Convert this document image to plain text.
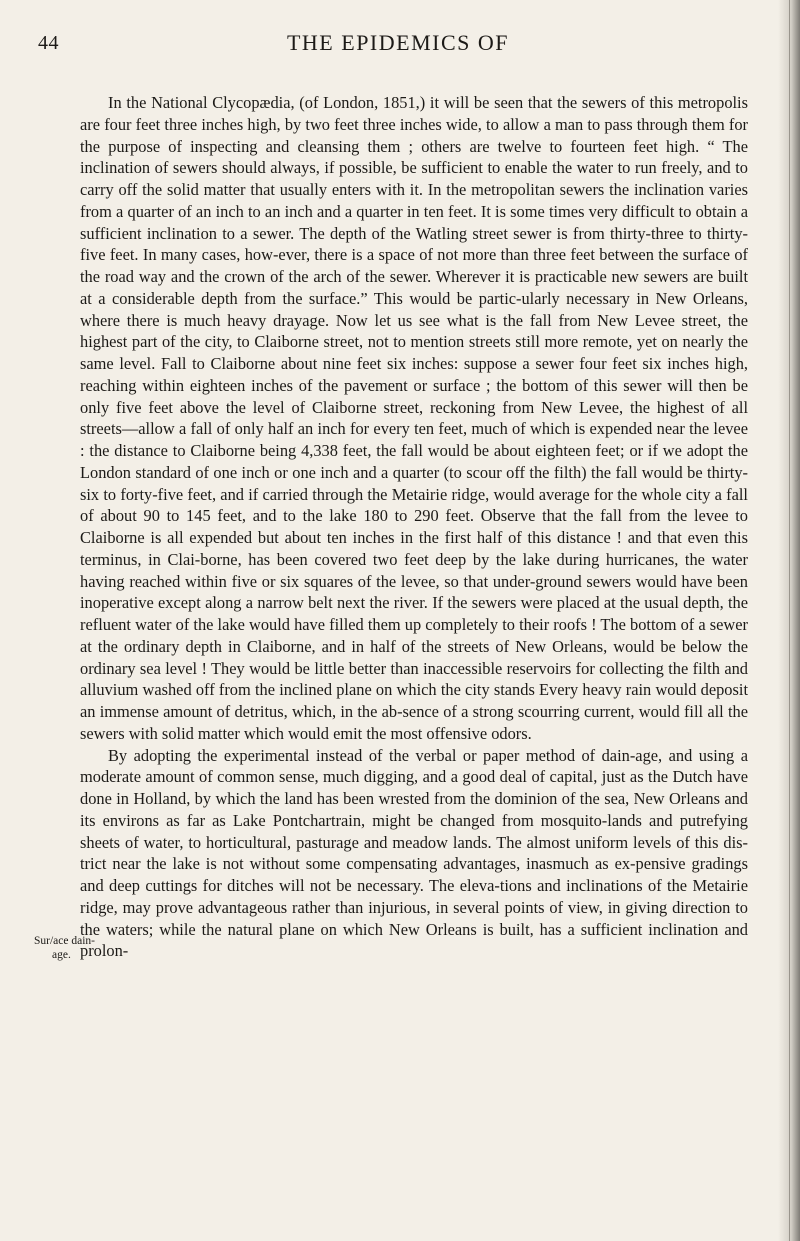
44	THE EPIDEMICS OF
Sur/ace dain-
age.

In the National Clycopædia, (of London, 1851,) it will be seen that the sewers of this metropolis are four feet three inches high, by two feet three inches wide, to allow a man to pass through them for the purpose of inspecting and cleansing them ; others are twelve to fourteen feet high. “ The inclination of sewers should always, if possible, be sufficient to enable the water to run freely, and to carry off the solid matter that usually enters with it. In the metropolitan sewers the inclination varies from a quarter of an inch to an inch and a quarter in ten feet. It is some times very difficult to obtain a sufficient inclination to a sewer. The depth of the Watling street sewer is from thirty-three to thirty-five feet. In many cases, how-ever, there is a space of not more than three feet between the surface of the road way and the crown of the arch of the sewer. Wherever it is practicable new sewers are built at a considerable depth from the surface.” This would be partic-ularly necessary in New Orleans, where there is much heavy drayage. Now let us see what is the fall from New Levee street, the highest part of the city, to Claiborne street, not to mention streets still more remote, yet on nearly the same level. Fall to Claiborne about nine feet six inches: suppose a sewer four feet six inches high, reaching within eighteen inches of the pavement or surface ; the bottom of this sewer will then be only five feet above the level of Claiborne street, reckoning from New Levee, the highest of all streets—allow a fall of only half an inch for every ten feet, much of which is expended near the levee : the distance to Claiborne being 4,338 feet, the fall would be about eighteen feet; or if we adopt the London standard of one inch or one inch and a quarter (to scour off the filth) the fall would be thirty-six to forty-five feet, and if carried through the Metairie ridge, would average for the whole city a fall of about 90 to 145 feet, and to the lake 180 to 290 feet. Observe that the fall from the levee to Claiborne is all expended but about ten inches in the first half of this distance ! and that even this terminus, in Clai-borne, has been covered two feet deep by the lake during hurricanes, the water having reached within five or six squares of the levee, so that under-ground sewers would have been inoperative except along a narrow belt next the river. If the sewers were placed at the usual depth, the refluent water of the lake would have filled them up completely to their roofs ! The bottom of a sewer at the ordinary depth in Claiborne, and in half of the streets of New Orleans, would be below the ordinary sea level ! They would be little better than inaccessible reservoirs for collecting the filth and alluvium washed off from the inclined plane on which the city stands Every heavy rain would deposit an immense amount of detritus, which, in the ab-sence of a strong scourring current, would fill all the sewers with solid matter which would emit the most offensive odors.

By adopting the experimental instead of the verbal or paper method of dain-age, and using a moderate amount of common sense, much digging, and a good deal of capital, just as the Dutch have done in Holland, by which the land has been wrested from the dominion of the sea, New Orleans and its environs as far as Lake Pontchartrain, might be changed from mosquito-lands and putrefying sheets of water, to horticultural, pasturage and meadow lands. The almost uniform levels of this dis-trict near the lake is not without some compensating advantages, inasmuch as ex-pensive gradings and deep cuttings for ditches will not be necessary. The eleva-tions and inclinations of the Metairie ridge, may prove advantageous rather than injurious, in several points of view, in giving direction to the waters; while the natural plane on which New Orleans is built, has a sufficient inclination and prolon-
